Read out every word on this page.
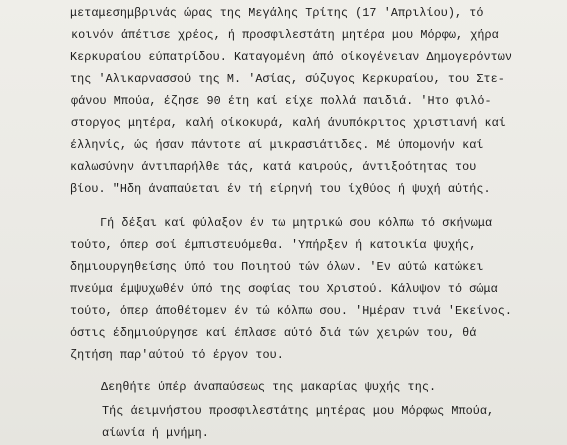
μεταμεσημβρινάς ώρας της Μεγάλης Τρίτης (17 'Απριλίου), τό
κοινόν άπέτισε χρέος, ή προσφιλεστάτη μητέρα μου Μόρφω, χήρα
Κερκυραίου εύπατρίδου. Καταγομένη άπό οίκογένειαν Δημογερόντων
της 'Αλικαρνασσού της Μ. 'Ασίας, σύζυγος Κερκυραίου, του Στε-
φάνου Μπούα, έζησε 90 έτη καί είχε πολλά παιδιά. 'Ητο φιλό-
στοργος μητέρα, καλή οίκοκυρά, καλή άνυπόκριτος χριστιανή καί
έλληνίς, ώς ήσαν πάντοτε αί μικρασιάτιδες. Μέ ύπομονήν καί
καλωσύνην άντιπαρήλθε τάς, κατά καιρούς, άντιξοότητας του
βίου. "Ηδη άναπαύεται έν τή είρηνή του ίχθύος ή ψυχή αύτής.
Γή δέξαι καί φύλαξον έν τω μητρικώ σου κόλπω τό σκήνωμα
τούτο, όπερ σοί έμπιστευόμεθα. 'Υπήρξεν ή κατοικία ψυχής,
δημιουργηθείσης ύπό του Ποιητού τών όλων. 'Εν αύτώ κατώκει
πνεύμα έμψυχωθέν ύπό της σοφίας του Χριστού. Κάλυψον τό σώμα
τούτο, όπερ άποθέτομεν έν τώ κόλπω σου. 'Ημέραν τινά 'Εκείνος.
όστις έδημιούργησε καί έπλασε αύτό διά τών χειρών του, θά
ζητήση παρ'αύτού τό έργον του.
Δεηθήτε ύπέρ άναπαύσεως της μακαρίας ψυχής της.
Τής άειμνήστου προσφιλεστάτης μητέρας μου Μόρφως Μπούα,
αίωνία ή μνήμη.
